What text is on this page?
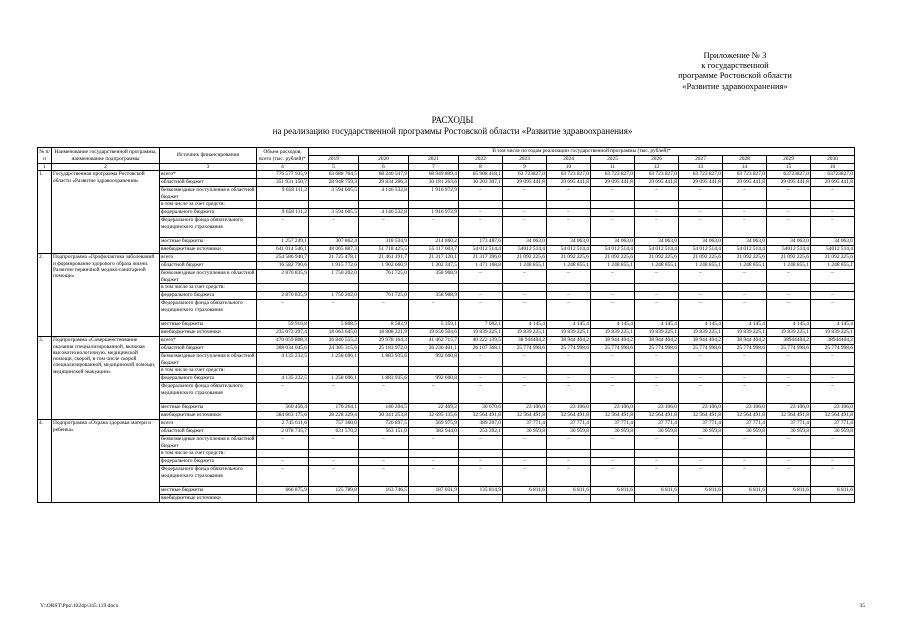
Приложение № 3
к государственной
программе Ростовской области
«Развитие здравоохранения»
РАСХОДЫ
на реализацию государственной программы Ростовской области «Развитие здравоохранения»
№ п/п	Наименование государственной программы, наименование подпрограммы	Источник финансирования	Объем расходов, всего (тыс. рублей)*	В том числе по годам реализации государственной программы (тыс. рублей)*											
				2019	2020	2021	2022	2023	2024	2025	2026	2027	2028	2029	2030
1	2	3	4	5	6	7	8	9	10	11	12	13	14	15	16
1.	Государственная программа Ростовской области «Развитие здравоохранения»	всего*	776 577 935,9	63 688 764,5	68 240 547,9	68 949 809,4	65 908 418,1	63 723827,0	63 723 827,0	63 723 827,0	63 723 827,0	63 723 827,0	63 723 827,0	63723827,0	63723827,0
		областной бюджет	351 931 150,7	28 948 759,3	29 834 286,3	30 181 263,6	30 203 307,1	29 095 441,8	29 095 441,8	29 095 441,8	29 095 441,8	29 095 441,8	29 095 441,8	29 095 441,8	29 095 441,8
		безвозмездные поступления в областной бюджет	9 658 111,2	3 594 605,5	4 146 532,8	1 916 972,9	–	–	–	–	–	–	–	–	–
		в том числе за счет средств:													
		федерального бюджета	9 658 111,2	3 594 605,5	4 146 532,8	1 916 972,9	–	–	–	–	–	–	–	–	–
		Федерального фонда обязательного медицинского страхования	–	–	–	–	–	–	–	–	–	–	–	–	–
		местные бюджеты	1 257 249,1	307 862,4	318 534,9	214 860,2	173 487,6	34 063,0	34 063,0	34 063,0	34 063,0	34 063,0	34 063,0	34 063,0	34 063,0
		внебюджетные источники	641 014 546,1	48 065 887,3	51 718 425,5	55 117 603,7	54 012 514,4	54012 514,4	54 012 514,4	54 012 514,4	54 012 514,4	54 012 514,4	54 012 514,4	54012 514,4	54012 514,4
2.	Подпрограмма «Профилактика заболеваний и формирование здорового образа жизни. Развитие первичной медико-санитарной помощи»	всего	254 586 940,7	21 725 478,1	21 461 191,7	21 317 120,1	21 317 396,0	21 092 225,6	21 092 225,6	21 092 225,6	21 092 225,6	21 092 225,6	21 092 225,6	21 092 225,6	21 092 225,6
		областной бюджет	16 582 790,6	1 915 772,6	1 902 660,9	1 302 347,5	1 471 168,8	1 248 855,1	1 248 855,1	1 248 855,1	1 248 855,1	1 248 855,1	1 248 855,1	1 248 855,1	1 248 855,1
		безвозмездные поступления в областной бюджет	2 870 835,9	1 750 202,0	761 725,0	358 908,9	–	–	–	–	–	–	–	–	–
		в том числе за счет средств:													
		федерального бюджета	2 870 835,9	1 750 202,0	761 725,0	358 908,9	–	–	–	–	–	–	–	–	–
		Федерального фонда обязательного медицинского страхования	–	–	–	–	–	–	–	–	–	–	–	–	–
		местные бюджеты	59 916,8	5 808,5	8 583,9	5 359,1	7 002,1	4 145,4	4 145,4	4 145,4	4 145,4	4 145,4	4 145,4	4 145,4	4 145,4
		внебюджетные источники	235 073 397,4	18 063 645,0	18 808 221,9	19 650 504,6	19 839 225,1	19 839 225,1	19 839 225,1	19 839 225,1	19 839 225,1	19 839 225,1	19 839 225,1	19 839 225,1	19 839 225,1
3.	Подпрограмма «Совершенствование оказания специализированной, включая высокотехнологичную, медицинской помощи, скорой, в том числе скорой специализированной, медицинской помощи, медицинской эвакуации»	всего*	470 059 808,3	36 840 555,2	39 978 164,3	41 462 715,7	40 222 139,5	38 944404,2	38 944 404,2	38 944 404,2	38 944 404,2	38 944 404,2	38 944 404,2	38944404,2	38944404,2
		областной бюджет	308 034 045,6	24 305 315,6	25 183 972,0	26 236 401,1	26 107 368,1	25 774 998,6	25 774 998,6	25 774 998,6	25 774 998,6	25 774 998,6	25 774 998,6	25 774 998,6	25 774 998,6
		безвозмездные поступления в областной бюджет	4 135 232,5	1 258 696,1	1 883 935,6	992 600,8	–	–	–	–	–	–	–	–	–
		в том числе за счет средств:													
		федерального бюджета	4 135 232,5	1 258 696,1	1 883 935,6	992 600,8	–	–	–	–	–	–	–	–	–
		Федерального фонда обязательного медицинского страхования	–	–	–	–	–	–	–	–	–	–	–	–	–
		местные бюджеты	560 456,4	176 264,1	146 204,5	22 469,2	30 670,6	23 106,0	23 106,0	23 106,0	23 106,0	23 106,0	23 106,0	23 106,0	23 106,0
		внебюджетные источники	384 663 175,6	28 228 329,4	30 341 253,8	32 695 135,6	32 564 491,8	32 564 491,8	32 564 491,8	32 564 491,8	32 564 491,8	32 564 491,8	32 564 491,8	32 564 491,8	32 564 491,8
4.	Подпрограмма «Охрана здоровья матери и ребенка»	всего	2 745 611,6	757 360,0	726 897,5	569 975,9	389 207,0	37 771,4	37 771,4	37 771,4	37 771,4	37 771,4	37 771,4	37 771,4	37 771,4
		областной бюджет	2 078 735,7	631 570,2	563 151,0	382 944,0	253 392,1	30 959,8	30 959,8	30 959,8	30 959,8	30 959,8	30 959,8	30 959,8	30 959,8
		безвозмездные поступления в областной бюджет	–	–	–	–	–	–	–	–	–	–	–	–	–
		в том числе за счет средств:													
		федерального бюджета	–	–	–	–	–	–	–	–	–	–	–	–	–
		Федерального фонда обязательного медицинского страхования	–	–	–	–	–	–	–	–	–	–	–	–	–
		местные бюджеты	666 875,9	125 789,8	163 746,5	187 031,9	135 814,9	6 811,6	6 811,6	6 811,6	6 811,6	6 811,6	6 811,6	6 811,6	6 811,6
		внебюджетные источники													
Y:\ORST\Ppo\1024p\345.119.docx	35
